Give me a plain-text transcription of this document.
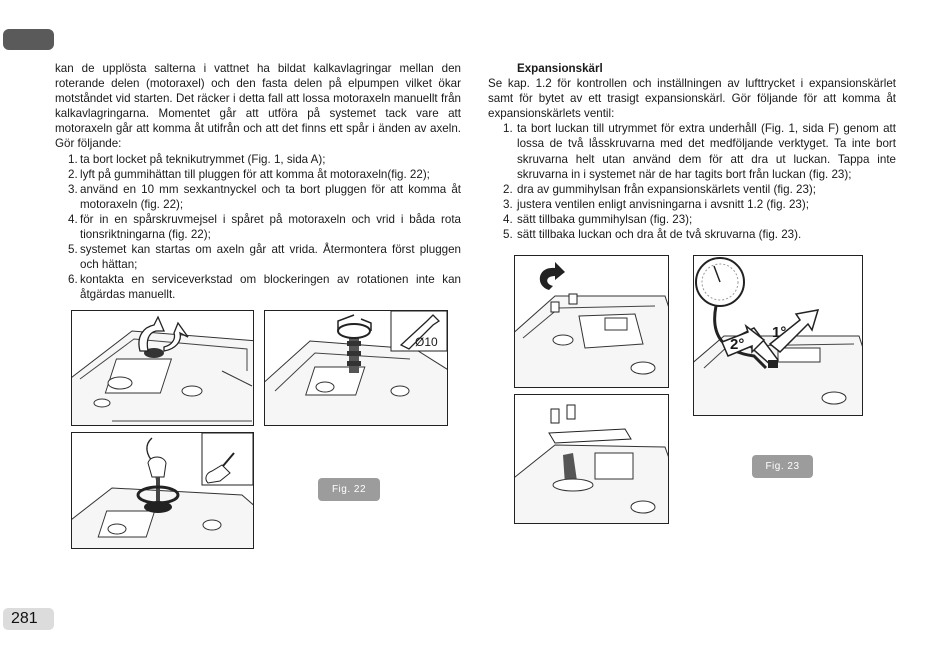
281

kan de upplösta salterna i vattnet ha bildat kalkavlagringar mellan den roterande delen (motoraxel) och den fasta delen på elpumpen vilket ökar motståndet vid starten. Det räcker i detta fall att lossa motoraxeln manuellt från kalkavlagringarna. Momentet går att utföra på systemet tack vare att motoraxeln går att komma åt utifrån och att det finns ett spår i änden av axeln. Gör följande:

1. ta bort locket på teknikutrymmet (Fig. 1, sida A);
2. lyft på gummihättan till pluggen för att komma åt motoraxeln(fig. 22);
3. använd en 10 mm sexkantnyckel och ta bort pluggen för att komma åt motoraxeln (fig. 22);
4. för in en spårskruvmejsel i spåret på motoraxeln och vrid i båda rota tionsriktningarna (fig. 22);
5. systemet kan startas om axeln går att vrida. Återmontera först pluggen och hättan;
6. kontakta en serviceverkstad om blockeringen av rotationen inte kan åtgärdas manuellt.

Expansionskärl

Se kap. 1.2 för kontrollen och inställningen av lufttrycket i expansionskärlet samt för bytet av ett trasigt expansionskärl. Gör följande för att komma åt expansionskärlets ventil:

1. ta bort luckan till utrymmet för extra underhåll (Fig. 1, sida F) genom att lossa de två låsskruvarna med det medföljande verktyget. Ta inte bort skruvarna helt utan använd dem för att dra ut luckan. Tappa inte skruvarna in i systemet när de har tagits bort från luckan (fig. 23);
2. dra av gummihylsan från expansionskärlets ventil (fig. 23);
3. justera ventilen enligt anvisningarna i avsnitt 1.2 (fig. 23);
4. sätt tillbaka gummihylsan (fig. 23);
5. sätt tillbaka luckan och dra åt de två skruvarna (fig. 23).
Ø10
Fig. 22
2°
1°
Fig. 23
